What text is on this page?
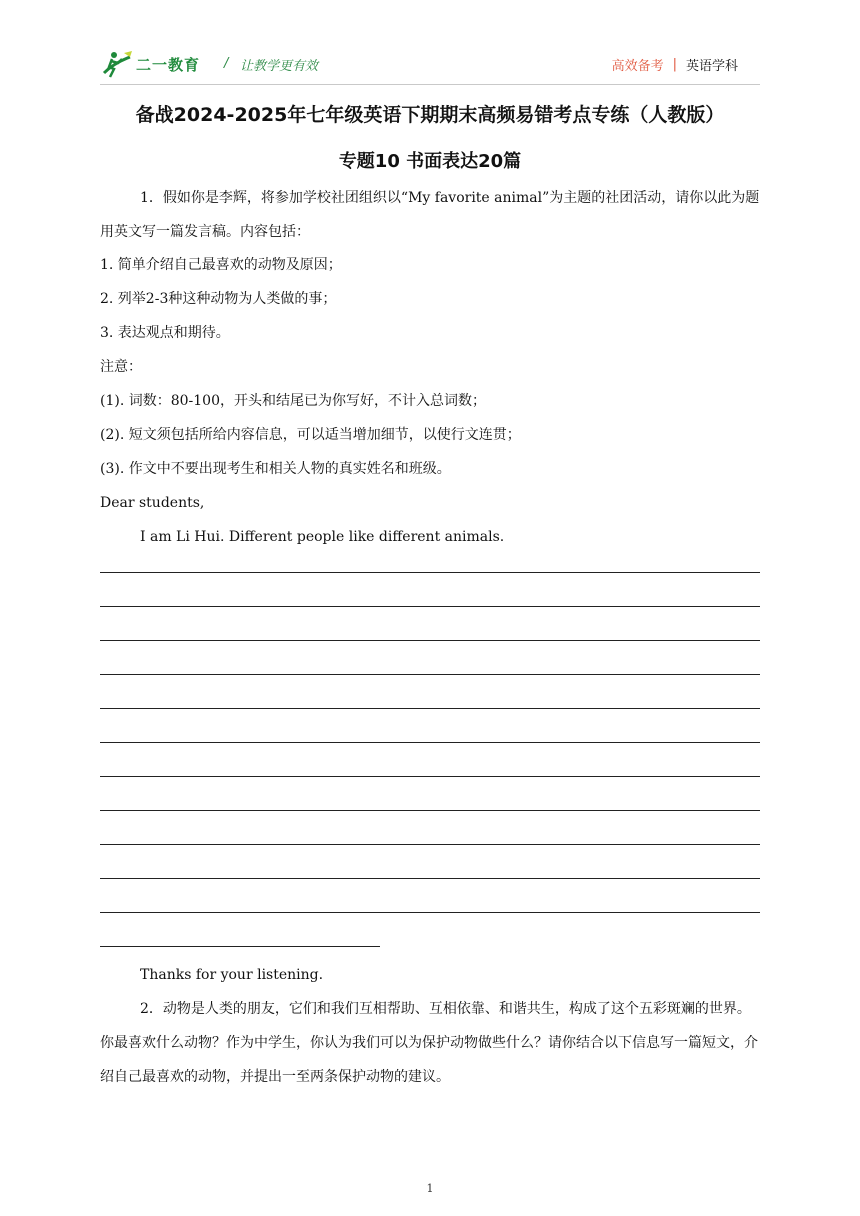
二一教育 / 让教学更有效	高效备考 | 英语学科
备战2024-2025年七年级英语下期期末高频易错考点专练（人教版）
专题10 书面表达20篇
1．假如你是李辉，将参加学校社团组织以“My favorite animal”为主题的社团活动，请你以此为题用英文写一篇发言稿。内容包括：
1. 简单介绍自己最喜欢的动物及原因；
2. 列举2-3种这种动物为人类做的事；
3. 表达观点和期待。
注意：
(1). 词数：80-100，开头和结尾已为你写好，不计入总词数；
(2). 短文须包括所给内容信息，可以适当增加细节，以使行文连贯；
(3). 作文中不要出现考生和相关人物的真实姓名和班级。
Dear students,
I am Li Hui. Different people like different animals.
Thanks for your listening.
2．动物是人类的朋友，它们和我们互相帮助、互相依靠、和谐共生，构成了这个五彩斑斓的世界。你最喜欢什么动物？作为中学生，你认为我们可以为保护动物做些什么？请你结合以下信息写一篇短文，介绍自己最喜欢的动物，并提出一至两条保护动物的建议。
1
